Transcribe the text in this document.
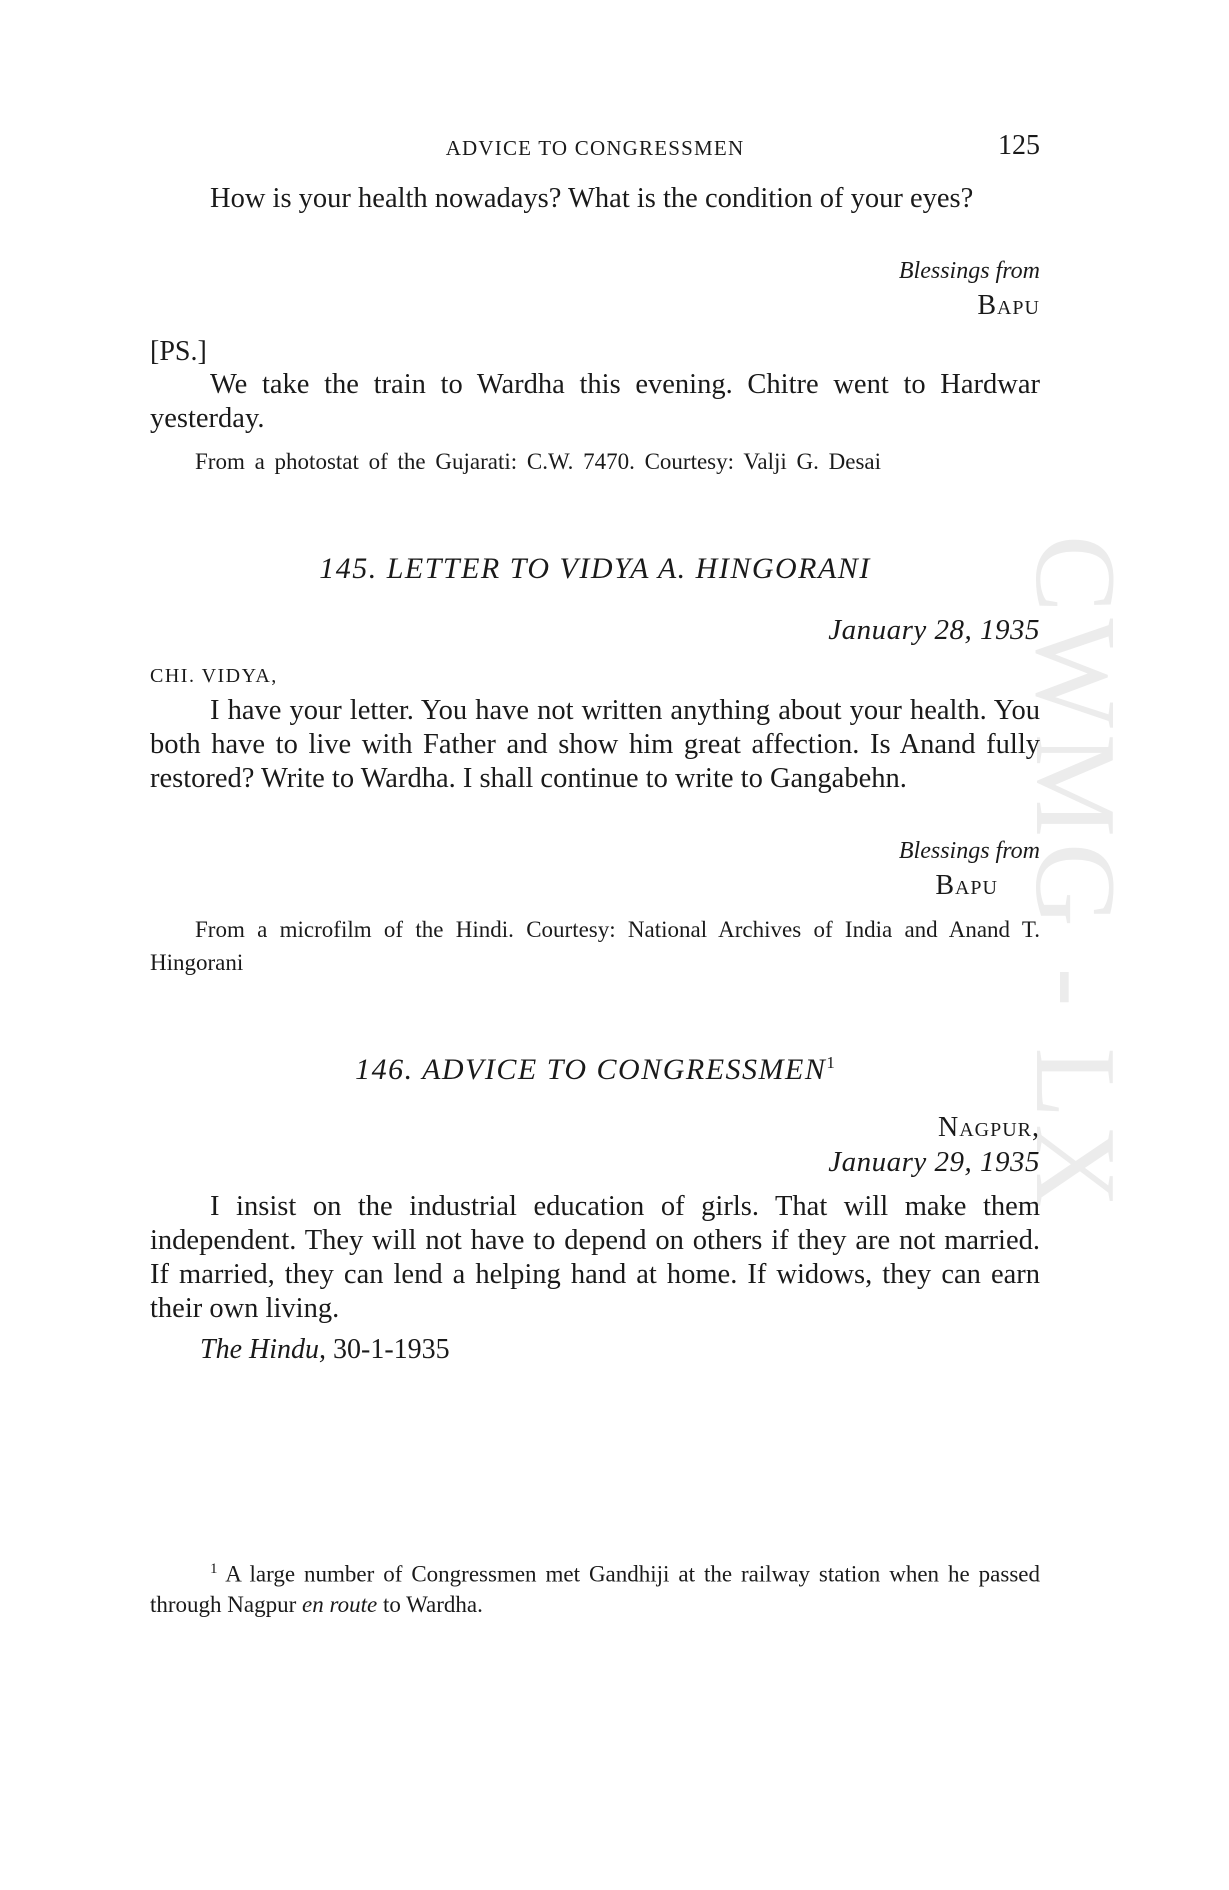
CWMG - LX
ADVICE TO CONGRESSMEN	125

How is your health nowadays? What is the condition of your eyes?

Blessings from
Bapu
[PS.]

We take the train to Wardha this evening. Chitre went to Hardwar yesterday.

From a photostat of the Gujarati: C.W. 7470. Courtesy: Valji G. Desai

145. LETTER TO VIDYA A. HINGORANI
January 28, 1935
CHI. VIDYA,

I have your letter. You have not written anything about your health. You both have to live with Father and show him great affection. Is Anand fully restored? Write to Wardha. I shall continue to write to Gangabehn.

Blessings from
Bapu

From a microfilm of the Hindi. Courtesy: National Archives of India and Anand T. Hingorani

146. ADVICE TO CONGRESSMEN$^1$
Nagpur,
January 29, 1935

I insist on the industrial education of girls. That will make them independent. They will not have to depend on others if they are not married. If married, they can lend a helping hand at home. If widows, they can earn their own living.

The Hindu, 30-1-1935

$^1$ A large number of Congressmen met Gandhiji at the railway station when he passed through Nagpur en route to Wardha.
